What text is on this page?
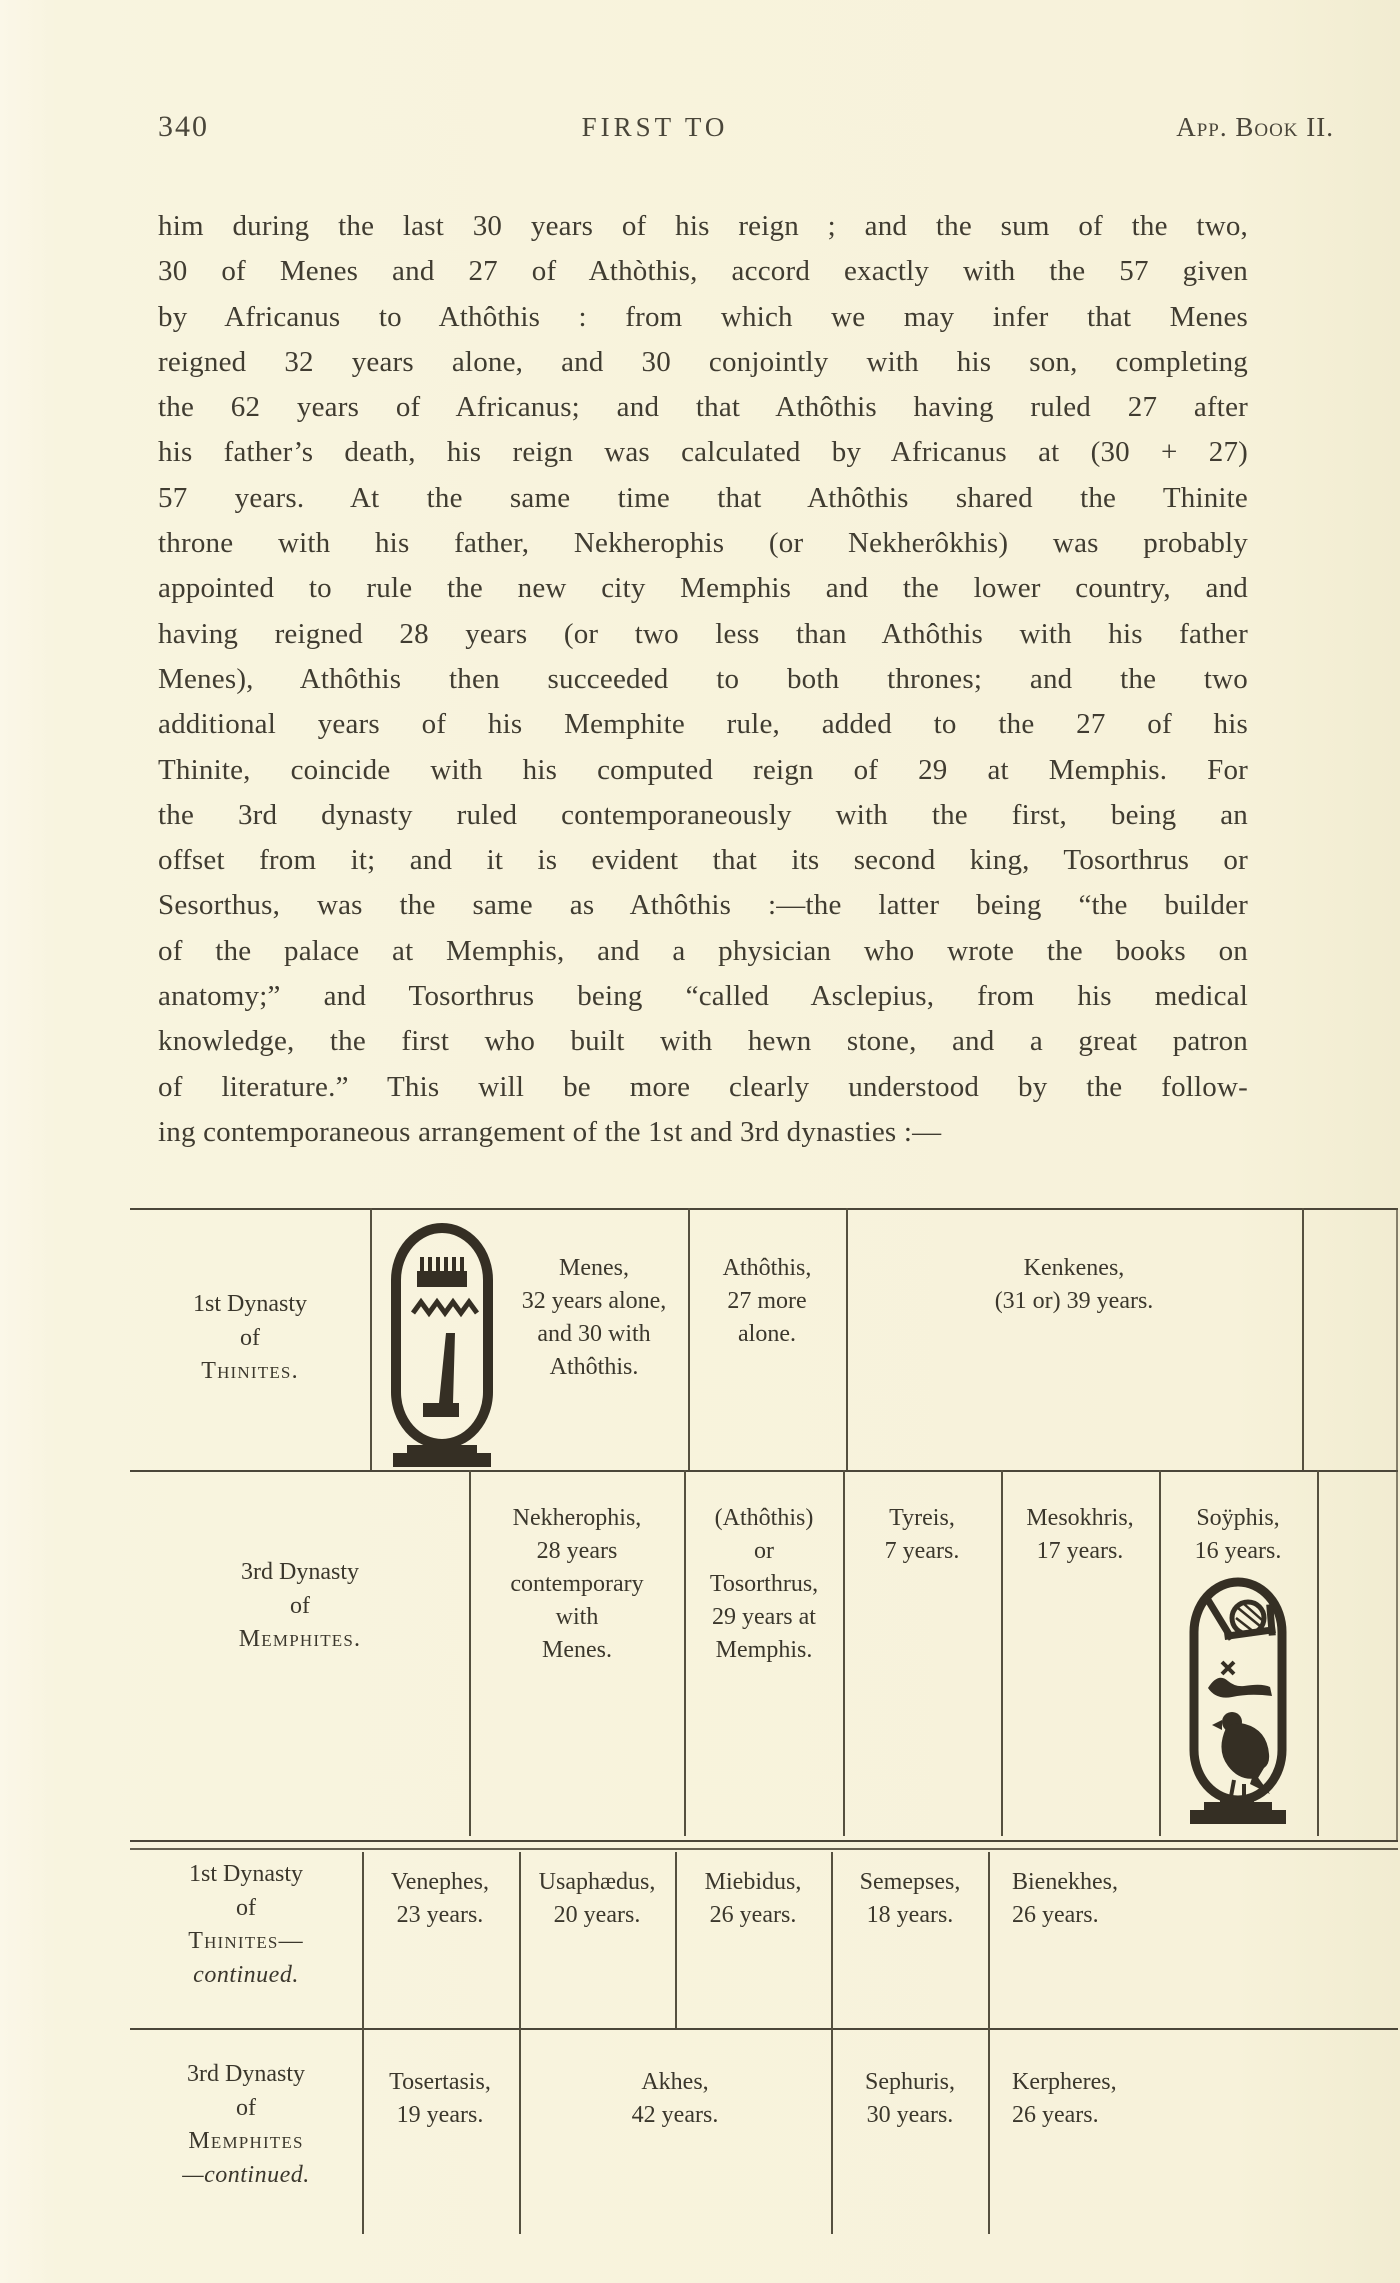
340	FIRST TO	App. Book II.
him during the last 30 years of his reign ; and the sum of the two,
30 of Menes and 27 of Athòthis, accord exactly with the 57 given
by Africanus to Athôthis : from which we may infer that Menes
reigned 32 years alone, and 30 conjointly with his son, completing
the 62 years of Africanus; and that Athôthis having ruled 27 after
his father’s death, his reign was calculated by Africanus at (30 + 27)
57 years. At the same time that Athôthis shared the Thinite
throne with his father, Nekherophis (or Nekherôkhis) was probably
appointed to rule the new city Memphis and the lower country, and
having reigned 28 years (or two less than Athôthis with his father
Menes), Athôthis then succeeded to both thrones; and the two
additional years of his Memphite rule, added to the 27 of his
Thinite, coincide with his computed reign of 29 at Memphis. For
the 3rd dynasty ruled contemporaneously with the first, being an
offset from it; and it is evident that its second king, Tosorthrus or
Sesorthus, was the same as Athôthis :—the latter being “the builder
of the palace at Memphis, and a physician who wrote the books on
anatomy;” and Tosorthrus being “called Asclepius, from his medical
knowledge, the first who built with hewn stone, and a great patron
of literature.” This will be more clearly understood by the follow-
ing contemporaneous arrangement of the 1st and 3rd dynasties :—
1st Dynasty
of
Thinites.
Menes,
32 years alone,
and 30 with
Athôthis.
Athôthis,
27 more
alone.
Kenkenes,
(31 or) 39 years.
3rd Dynasty
of
Memphites.
Nekherophis,
28 years
contemporary
with
Menes.
(Athôthis)
or
Tosorthrus,
29 years at
Memphis.
Tyreis,
7 years.
Mesokhris,
17 years.
Soÿphis,
16 years.
1st Dynasty
of
Thinites—
continued.
Venephes,
23 years.
Usaphædus,
20 years.
Miebidus,
26 years.
Semepses,
18 years.
Bienekhes,
26 years.
3rd Dynasty
of
Memphites
—continued.
Tosertasis,
19 years.
Akhes,
42 years.
Sephuris,
30 years.
Kerpheres,
26 years.
